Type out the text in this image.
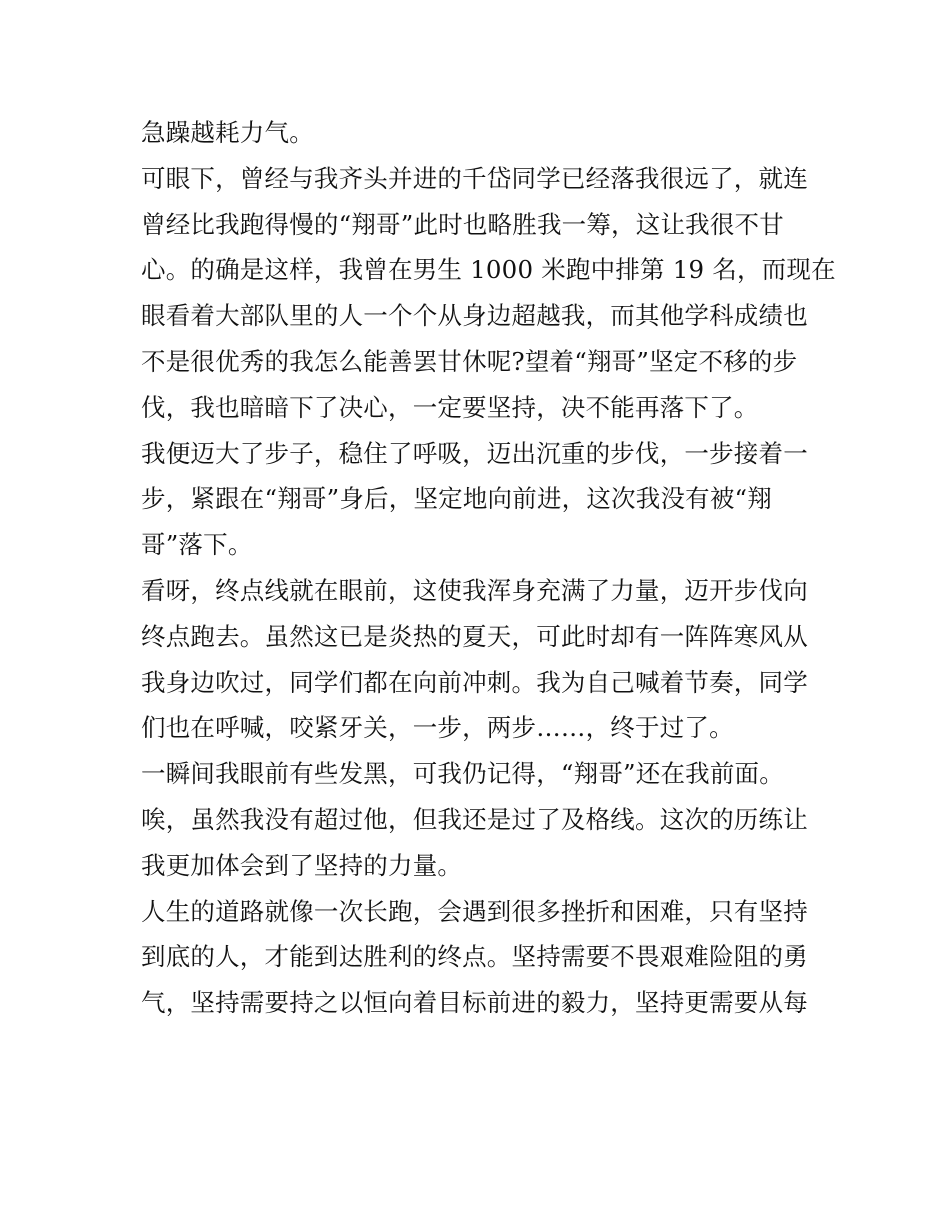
急躁越耗力气。
可眼下，曾经与我齐头并进的千岱同学已经落我很远了，就连
曾经比我跑得慢的“翔哥”此时也略胜我一筹，这让我很不甘
心。的确是这样，我曾在男生 1000 米跑中排第 19 名，而现在
眼看着大部队里的人一个个从身边超越我，而其他学科成绩也
不是很优秀的我怎么能善罢甘休呢?望着“翔哥”坚定不移的步
伐，我也暗暗下了决心，一定要坚持，决不能再落下了。
我便迈大了步子，稳住了呼吸，迈出沉重的步伐，一步接着一
步，紧跟在“翔哥”身后，坚定地向前进，这次我没有被“翔
哥”落下。
看呀，终点线就在眼前，这使我浑身充满了力量，迈开步伐向
终点跑去。虽然这已是炎热的夏天，可此时却有一阵阵寒风从
我身边吹过，同学们都在向前冲刺。我为自己喊着节奏，同学
们也在呼喊，咬紧牙关，一步，两步……，终于过了。
一瞬间我眼前有些发黑，可我仍记得，“翔哥”还在我前面。
唉，虽然我没有超过他，但我还是过了及格线。这次的历练让
我更加体会到了坚持的力量。
人生的道路就像一次长跑，会遇到很多挫折和困难，只有坚持
到底的人，才能到达胜利的终点。坚持需要不畏艰难险阻的勇
气，坚持需要持之以恒向着目标前进的毅力，坚持更需要从每
